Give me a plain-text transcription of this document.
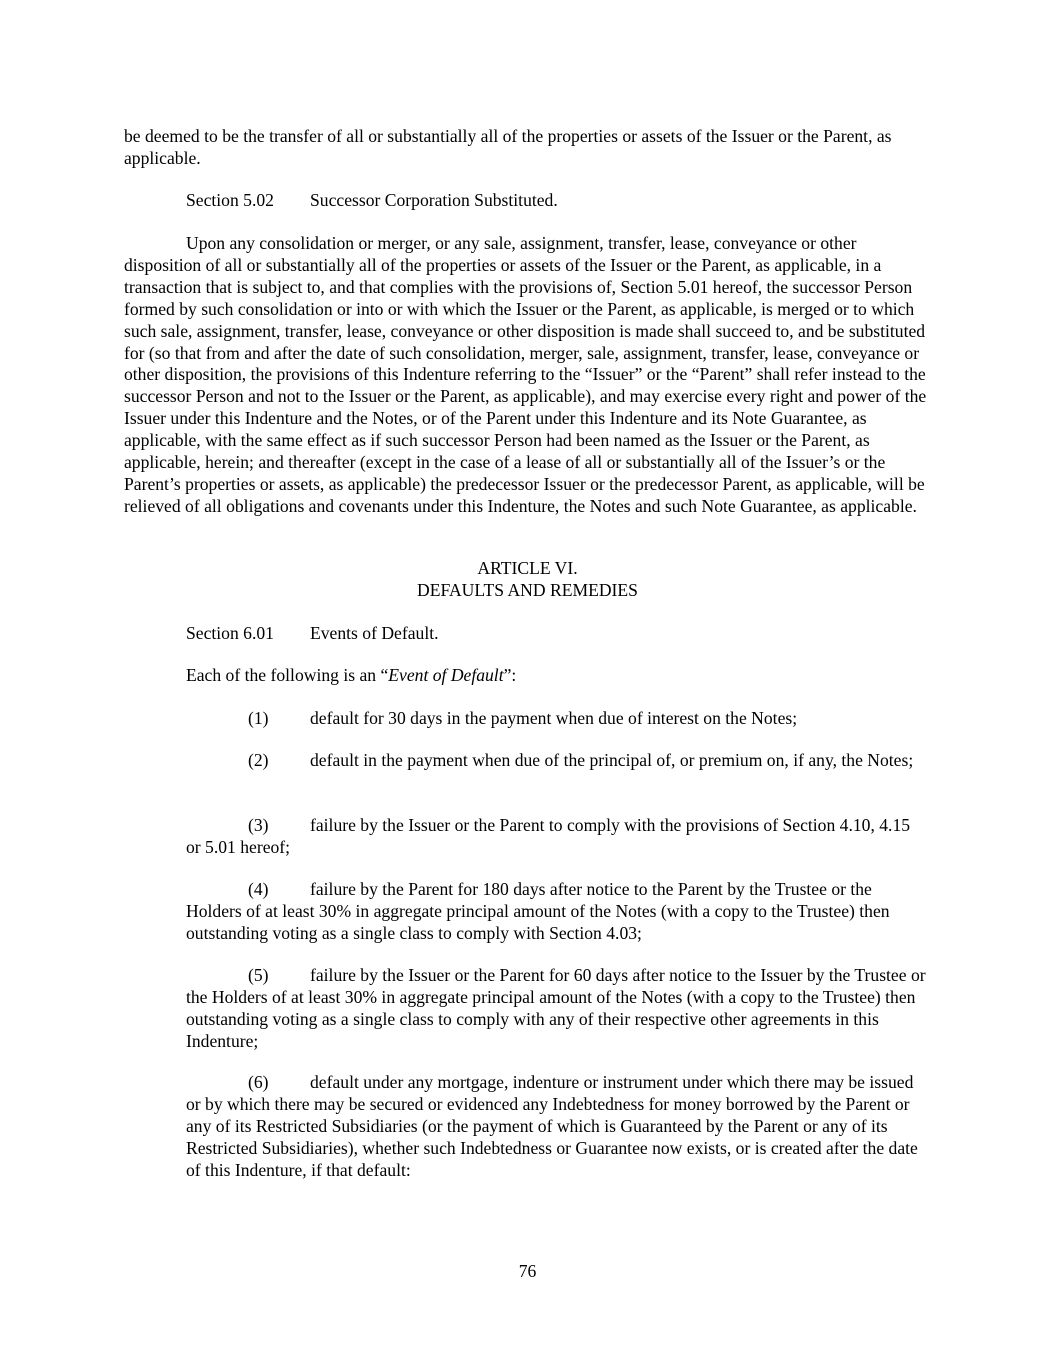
be deemed to be the transfer of all or substantially all of the properties or assets of the Issuer or the Parent, as applicable.

Section 5.02 Successor Corporation Substituted.

Upon any consolidation or merger, or any sale, assignment, transfer, lease, conveyance or other disposition of all or substantially all of the properties or assets of the Issuer or the Parent, as applicable, in a transaction that is subject to, and that complies with the provisions of, Section 5.01 hereof, the successor Person formed by such consolidation or into or with which the Issuer or the Parent, as applicable, is merged or to which such sale, assignment, transfer, lease, conveyance or other disposition is made shall succeed to, and be substituted for (so that from and after the date of such consolidation, merger, sale, assignment, transfer, lease, conveyance or other disposition, the provisions of this Indenture referring to the “Issuer” or the “Parent” shall refer instead to the successor Person and not to the Issuer or the Parent, as applicable), and may exercise every right and power of the Issuer under this Indenture and the Notes, or of the Parent under this Indenture and its Note Guarantee, as applicable, with the same effect as if such successor Person had been named as the Issuer or the Parent, as applicable, herein; and thereafter (except in the case of a lease of all or substantially all of the Issuer’s or the Parent’s properties or assets, as applicable) the predecessor Issuer or the predecessor Parent, as applicable, will be relieved of all obligations and covenants under this Indenture, the Notes and such Note Guarantee, as applicable.

ARTICLE VI.

DEFAULTS AND REMEDIES

Section 6.01 Events of Default.

Each of the following is an “Event of Default”:

(1) default for 30 days in the payment when due of interest on the Notes;

(2) default in the payment when due of the principal of, or premium on, if any, the Notes;

(3) failure by the Issuer or the Parent to comply with the provisions of Section 4.10, 4.15 or 5.01 hereof;

(4) failure by the Parent for 180 days after notice to the Parent by the Trustee or the Holders of at least 30% in aggregate principal amount of the Notes (with a copy to the Trustee) then outstanding voting as a single class to comply with Section 4.03;

(5) failure by the Issuer or the Parent for 60 days after notice to the Issuer by the Trustee or the Holders of at least 30% in aggregate principal amount of the Notes (with a copy to the Trustee) then outstanding voting as a single class to comply with any of their respective other agreements in this Indenture;

(6) default under any mortgage, indenture or instrument under which there may be issued or by which there may be secured or evidenced any Indebtedness for money borrowed by the Parent or any of its Restricted Subsidiaries (or the payment of which is Guaranteed by the Parent or any of its Restricted Subsidiaries), whether such Indebtedness or Guarantee now exists, or is created after the date of this Indenture, if that default:

76
